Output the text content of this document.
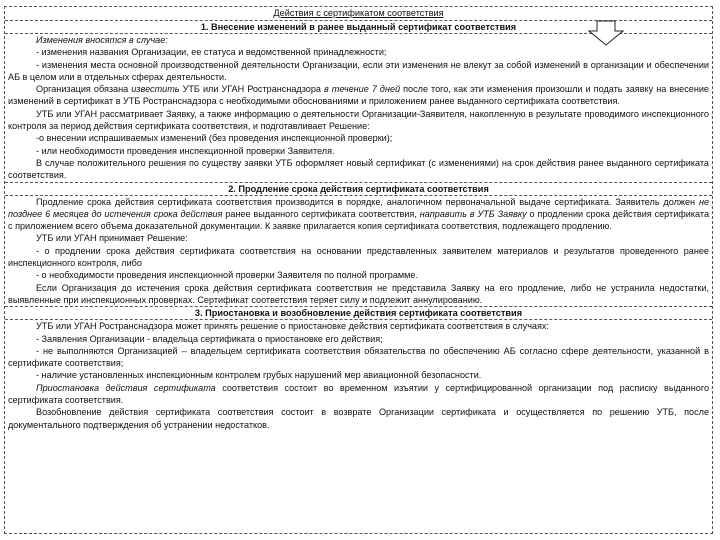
Действия с сертификатом соответствия
1. Внесение изменений в ранее выданный сертификат соответствия

Изменения вносятся в случае:

- изменения названия Организации, ее статуса и ведомственной принадлежности;

- изменения места основной производственной деятельности Организации, если эти изменения не влекут за собой изменений в организации и обеспечении АБ в целом или в отдельных сферах деятельности.

Организация обязана известить УТБ или УГАН Ространснадзора в течение 7 дней после того, как эти изменения произошли и подать заявку на внесение изменений в сертификат в УТБ Ространснадзора с необходимыми обоснованиями и приложением ранее выданного сертификата соответствия.

УТБ или УГАН рассматривает Заявку, а также информацию о деятельности Организации-Заявителя, накопленную в результате проводимого инспекционного контроля за период действия сертификата соответствия, и подготавливает Решение:

-о внесении испрашиваемых изменений (без проведения инспекционной проверки);

- или необходимости проведения инспекционной проверки Заявителя.

В случае положительного решения по существу заявки УТБ оформляет новый сертификат (с изменениями) на срок действия ранее выданного сертификата соответствия.

2. Продление срока действия сертификата соответствия

Продление срока действия сертификата соответствия производится в порядке, аналогичном первоначальной выдаче сертификата. Заявитель должен не позднее 6 месяцев до истечения срока действия ранее выданного сертификата соответствия, направить в УТБ Заявку о продлении срока действия сертификата с приложением всего объема доказательной документации. К заявке прилагается копия сертификата соответствия, подлежащего продлению.

УТБ или УГАН принимает Решение:

- о продлении срока действия сертификата соответствия на основании представленных заявителем материалов и результатов проведенного ранее инспекционного контроля, либо

- о необходимости проведения инспекционной проверки Заявителя по полной программе.

Если Организация до истечения срока действия сертификата соответствия не представила Заявку на его продление, либо не устранила недостатки, выявленные при инспекционных проверках. Сертификат соответствия теряет силу и подлежит аннулированию.

3. Приостановка и возобновление действия сертификата соответствия

УТБ или УГАН Ространснадзора может принять решение о приостановке действия сертификата соответствия в случаях:

- Заявления Организации - владельца сертификата о приостановке его действия;

- не выполняются Организацией – владельцем сертификата соответствия обязательства по обеспечению АБ согласно сфере деятельности, указанной в сертификате соответствия;

- наличие установленных инспекционным контролем грубых нарушений мер авиационной безопасности.

Приостановка действия сертификата соответствия состоит во временном изъятии у сертифицированной организации под расписку выданного сертификата соответствия.

Возобновление действия сертификата соответствия состоит в возврате Организации сертификата и осуществляется по решению УТБ, после документального подтверждения об устранении недостатков.
